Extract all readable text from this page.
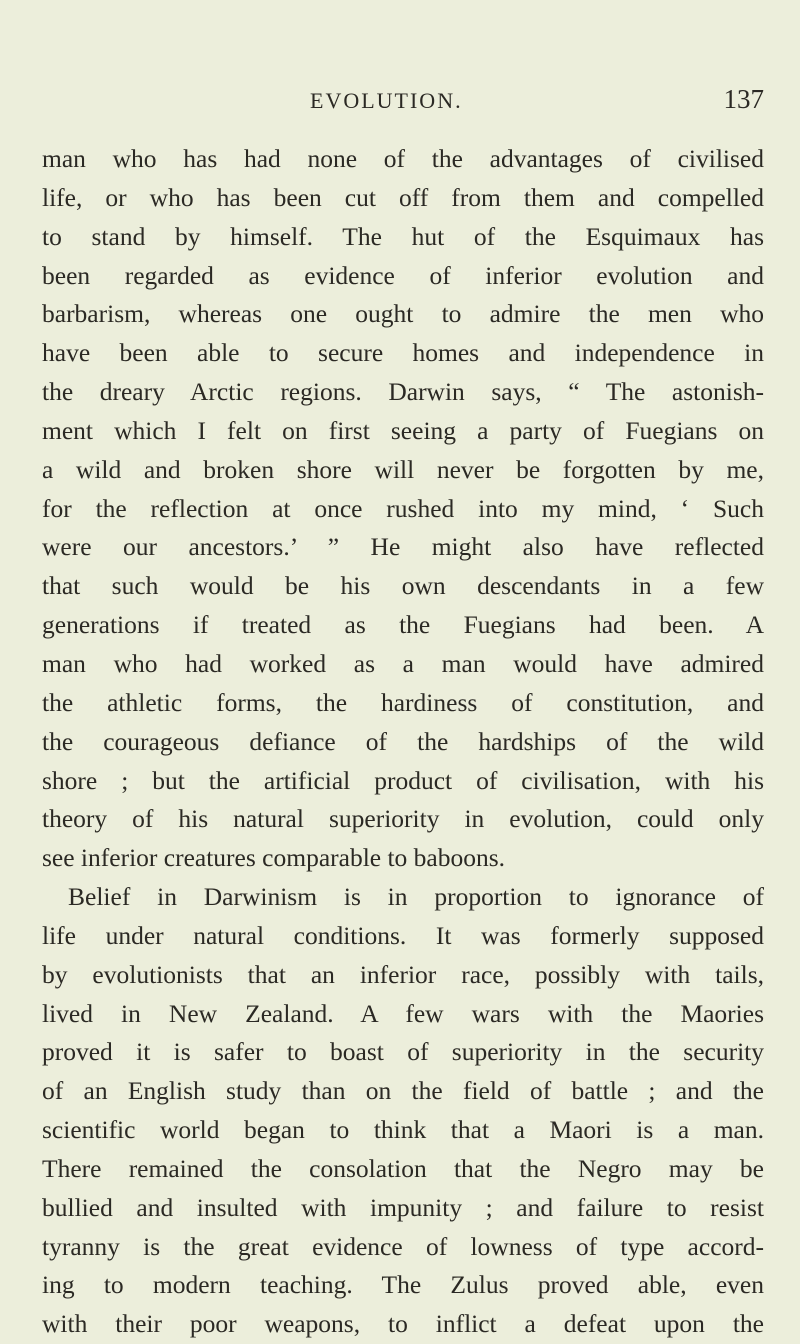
EVOLUTION.	137
man who has had none of the advantages of civilised
life, or who has been cut off from them and compelled
to stand by himself. The hut of the Esquimaux has
been regarded as evidence of inferior evolution and
barbarism, whereas one ought to admire the men who
have been able to secure homes and independence in
the dreary Arctic regions. Darwin says, “ The astonish-
ment which I felt on first seeing a party of Fuegians on
a wild and broken shore will never be forgotten by me,
for the reflection at once rushed into my mind, ‘ Such
were our ancestors.’ ” He might also have reflected
that such would be his own descendants in a few
generations if treated as the Fuegians had been. A
man who had worked as a man would have admired
the athletic forms, the hardiness of constitution, and
the courageous defiance of the hardships of the wild
shore ; but the artificial product of civilisation, with his
theory of his natural superiority in evolution, could only
see inferior creatures comparable to baboons.
Belief in Darwinism is in proportion to ignorance of
life under natural conditions. It was formerly supposed
by evolutionists that an inferior race, possibly with tails,
lived in New Zealand. A few wars with the Maories
proved it is safer to boast of superiority in the security
of an English study than on the field of battle ; and the
scientific world began to think that a Maori is a man.
There remained the consolation that the Negro may be
bullied and insulted with impunity ; and failure to resist
tyranny is the great evidence of lowness of type accord-
ing to modern teaching. The Zulus proved able, even
with their poor weapons, to inflict a defeat upon the
